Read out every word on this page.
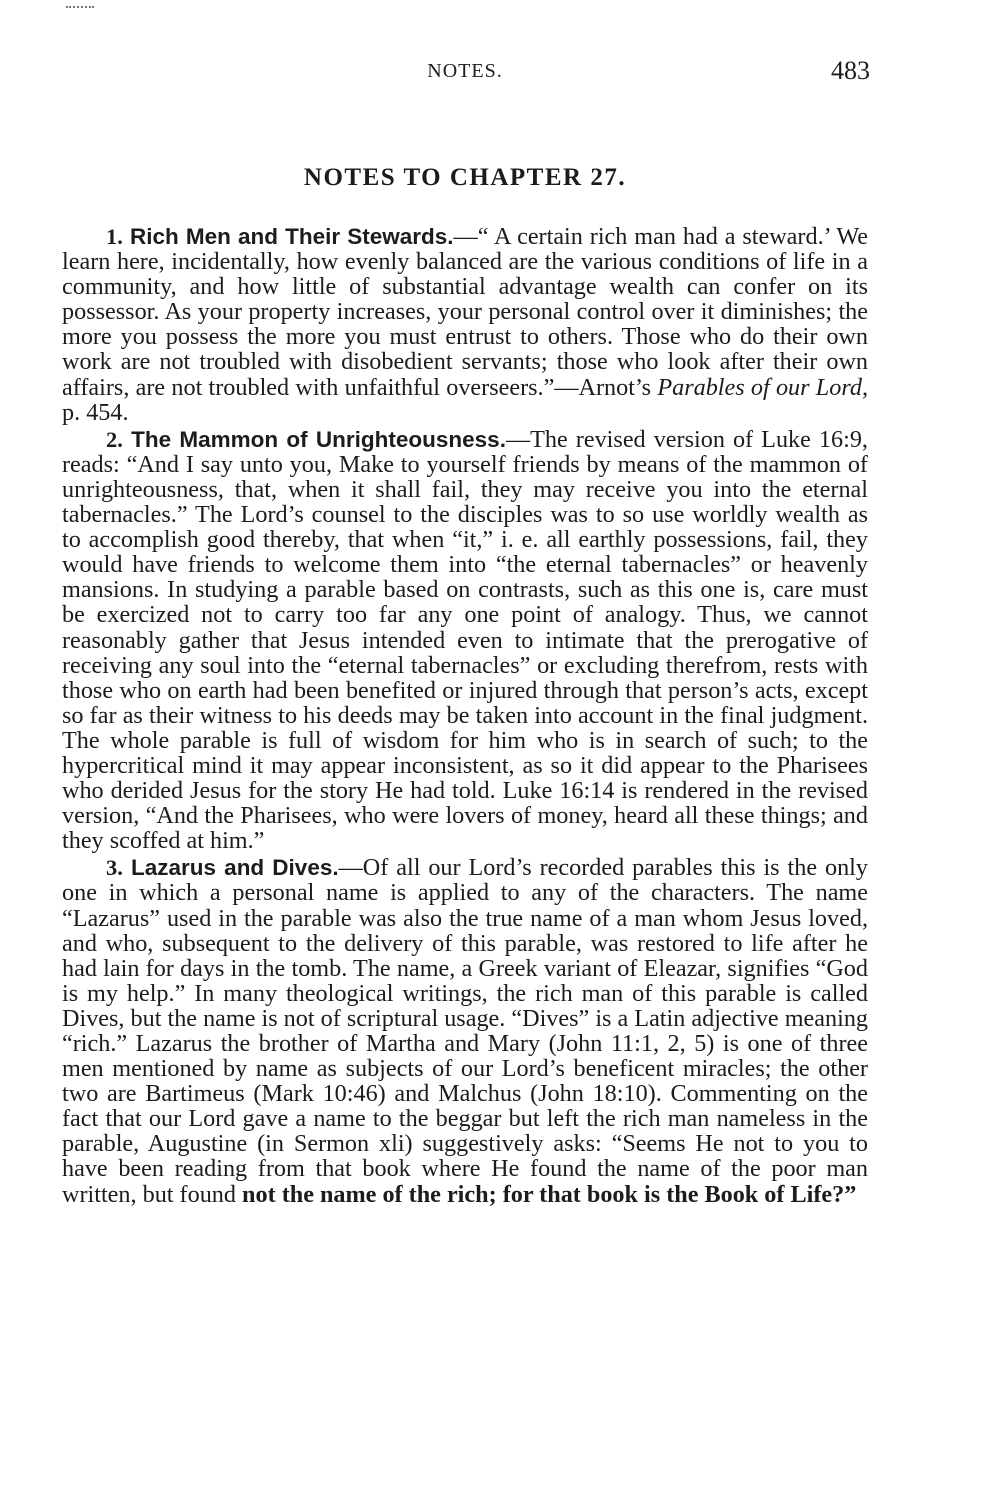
NOTES.	483
NOTES TO CHAPTER 27.

1. Rich Men and Their Stewards.—“ A certain rich man had a steward.’ We learn here, incidentally, how evenly balanced are the various conditions of life in a community, and how little of substantial advantage wealth can confer on its possessor. As your property increases, your personal control over it diminishes; the more you possess the more you must entrust to others. Those who do their own work are not troubled with disobedient servants; those who look after their own affairs, are not troubled with unfaithful overseers.”—Arnot’s Parables of our Lord, p. 454.

2. The Mammon of Unrighteousness.—The revised version of Luke 16:9, reads: “And I say unto you, Make to yourself friends by means of the mammon of unrighteousness, that, when it shall fail, they may receive you into the eternal tabernacles.” The Lord’s counsel to the disciples was to so use worldly wealth as to accomplish good thereby, that when “it,” i. e. all earthly possessions, fail, they would have friends to welcome them into “the eternal tabernacles” or heavenly mansions. In studying a parable based on contrasts, such as this one is, care must be exercized not to carry too far any one point of analogy. Thus, we cannot reasonably gather that Jesus intended even to intimate that the prerogative of receiving any soul into the “eternal tabernacles” or excluding therefrom, rests with those who on earth had been benefited or injured through that person’s acts, except so far as their witness to his deeds may be taken into account in the final judgment. The whole parable is full of wisdom for him who is in search of such; to the hypercritical mind it may appear inconsistent, as so it did appear to the Pharisees who derided Jesus for the story He had told. Luke 16:14 is rendered in the revised version, “And the Pharisees, who were lovers of money, heard all these things; and they scoffed at him.”

3. Lazarus and Dives.—Of all our Lord’s recorded parables this is the only one in which a personal name is applied to any of the characters. The name “Lazarus” used in the parable was also the true name of a man whom Jesus loved, and who, subsequent to the delivery of this parable, was restored to life after he had lain for days in the tomb. The name, a Greek variant of Eleazar, signifies “God is my help.” In many theological writings, the rich man of this parable is called Dives, but the name is not of scriptural usage. “Dives” is a Latin adjective meaning “rich.” Lazarus the brother of Martha and Mary (John 11:1, 2, 5) is one of three men mentioned by name as subjects of our Lord’s beneficent miracles; the other two are Bartimeus (Mark 10:46) and Malchus (John 18:10). Commenting on the fact that our Lord gave a name to the beggar but left the rich man nameless in the parable, Augustine (in Sermon xli) suggestively asks: “Seems He not to you to have been reading from that book where He found the name of the poor man written, but found not the name of the rich; for that book is the Book of Life?”
